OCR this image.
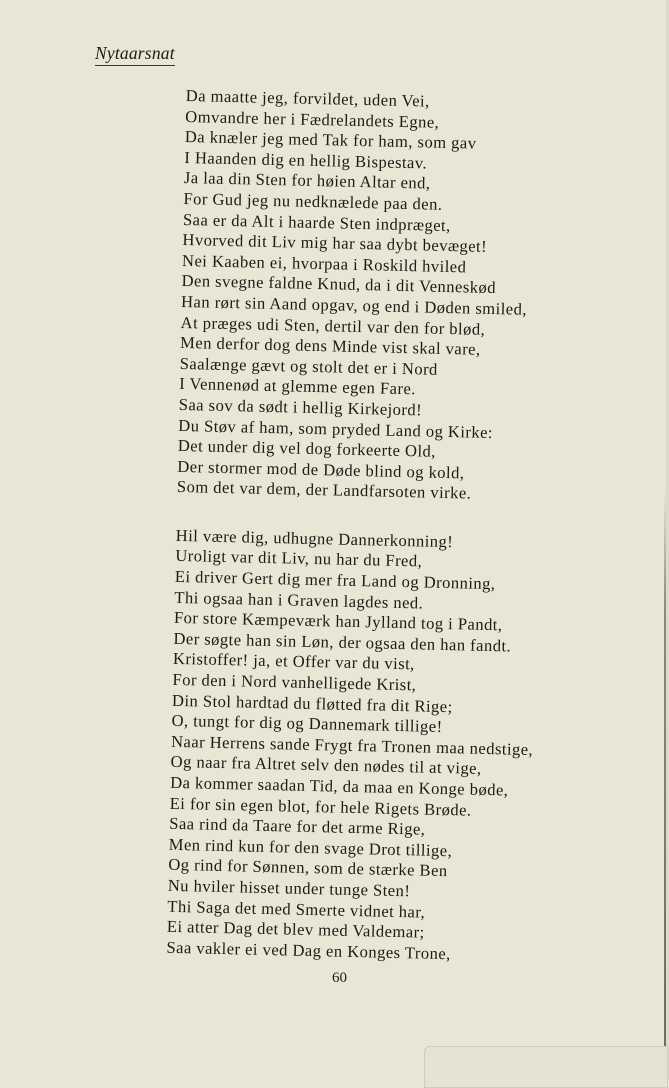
Nytaarsnat
Da maatte jeg, forvildet, uden Vei,
Omvandre her i Fædrelandets Egne,
Da knæler jeg med Tak for ham, som gav
I Haanden dig en hellig Bispestav.
Ja laa din Sten for høien Altar end,
For Gud jeg nu nedknælede paa den.
Saa er da Alt i haarde Sten indpræget,
Hvorved dit Liv mig har saa dybt bevæget!
Nei Kaaben ei, hvorpaa i Roskild hviled
Den svegne faldne Knud, da i dit Venneskød
Han rørt sin Aand opgav, og end i Døden smiled,
At præges udi Sten, dertil var den for blød,
Men derfor dog dens Minde vist skal vare,
Saalænge gævt og stolt det er i Nord
I Vennenød at glemme egen Fare.
Saa sov da sødt i hellig Kirkejord!
Du Støv af ham, som pryded Land og Kirke:
Det under dig vel dog forkeerte Old,
Der stormer mod de Døde blind og kold,
Som det var dem, der Landfarsoten virke.
Hil være dig, udhugne Dannerkonning!
Uroligt var dit Liv, nu har du Fred,
Ei driver Gert dig mer fra Land og Dronning,
Thi ogsaa han i Graven lagdes ned.
For store Kæmpeværk han Jylland tog i Pandt,
Der søgte han sin Løn, der ogsaa den han fandt.
Kristoffer! ja, et Offer var du vist,
For den i Nord vanhelligede Krist,
Din Stol hardtad du fløtted fra dit Rige;
O, tungt for dig og Dannemark tillige!
Naar Herrens sande Frygt fra Tronen maa nedstige,
Og naar fra Altret selv den nødes til at vige,
Da kommer saadan Tid, da maa en Konge bøde,
Ei for sin egen blot, for hele Rigets Brøde.
Saa rind da Taare for det arme Rige,
Men rind kun for den svage Drot tillige,
Og rind for Sønnen, som de stærke Ben
Nu hviler hisset under tunge Sten!
Thi Saga det med Smerte vidnet har,
Ei atter Dag det blev med Valdemar;
Saa vakler ei ved Dag en Konges Trone,
60
